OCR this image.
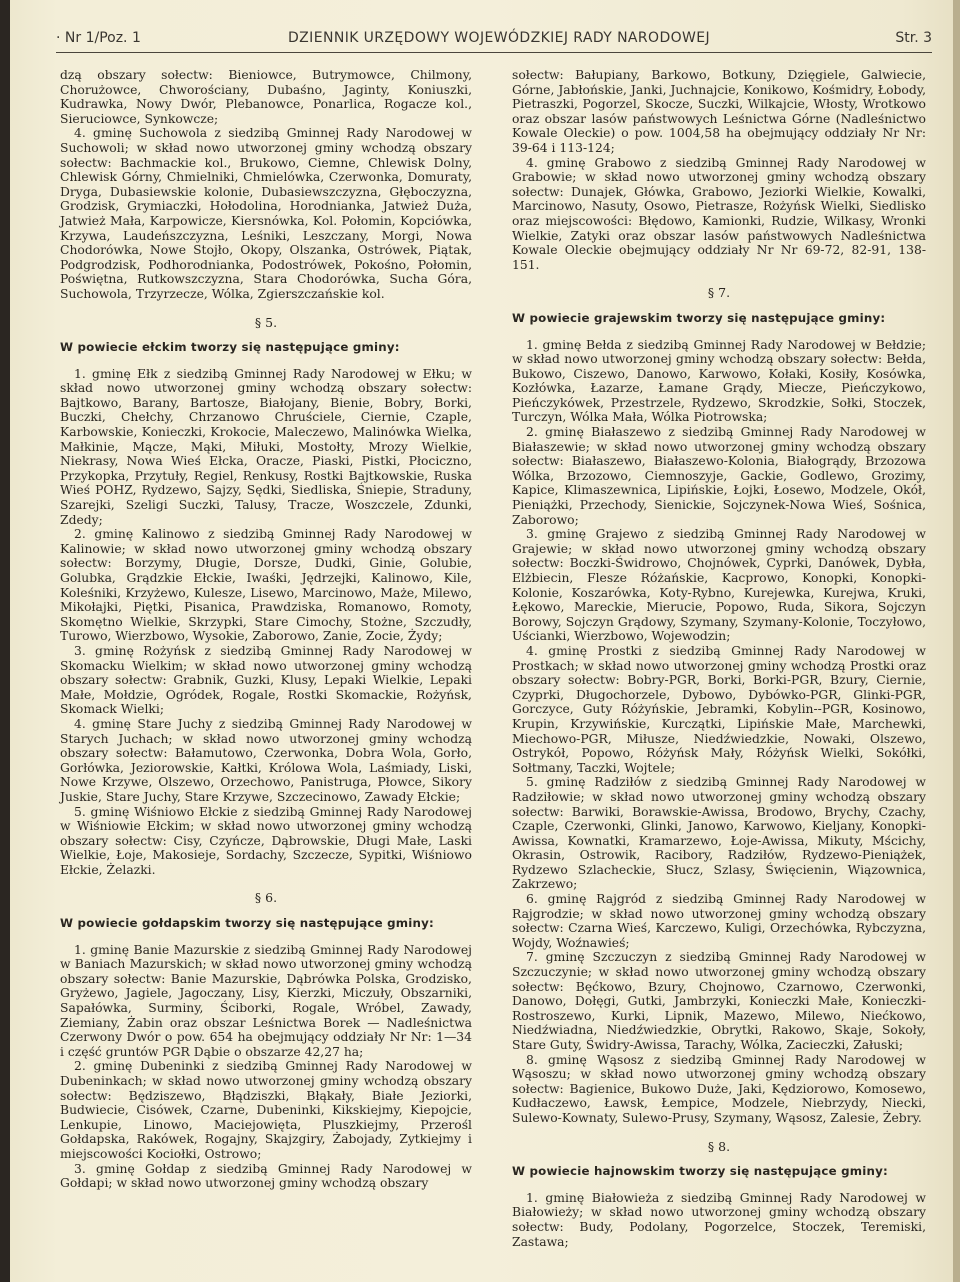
· Nr 1/Poz. 1	DZIENNIK URZĘDOWY WOJEWÓDZKIEJ RADY NARODOWEJ	Str. 3

dzą obszary sołectw: Bieniowce, Butrymowce, Chilmony, Chorużowce, Chworościany, Dubaśno, Jaginty, Koniuszki, Kudrawka, Nowy Dwór, Plebanowce, Ponarlica, Rogacze kol., Sieruciowce, Synkowcze;

4. gminę Suchowola z siedzibą Gminnej Rady Narodowej w Suchowoli; w skład nowo utworzonej gminy wchodzą obszary sołectw: Bachmackie kol., Brukowo, Ciemne, Chlewisk Dolny, Chlewisk Górny, Chmielniki, Chmielówka, Czerwonka, Domuraty, Dryga, Dubasiewskie kolonie, Dubasiewszczyzna, Głęboczyzna, Grodzisk, Grymiaczki, Hołodolina, Horodnianka, Jatwież Duża, Jatwież Mała, Karpowicze, Kiersnówka, Kol. Połomin, Kopciówka, Krzywa, Laudeńszczyzna, Leśniki, Leszczany, Morgi, Nowa Chodorówka, Nowe Stojło, Okopy, Olszanka, Ostrówek, Piątak, Podgrodzisk, Podhorodnianka, Podostrówek, Pokośno, Połomin, Poświętna, Rutkowszczyzna, Stara Chodorówka, Sucha Góra, Suchowola, Trzyrzecze, Wólka, Zgierszczańskie kol.

§ 5.
W powiecie ełckim tworzy się następujące gminy:

1. gminę Ełk z siedzibą Gminnej Rady Narodowej w Ełku; w skład nowo utworzonej gminy wchodzą obszary sołectw: Bajtkowo, Barany, Bartosze, Białojany, Bienie, Bobry, Borki, Buczki, Chełchy, Chrzanowo Chruściele, Ciernie, Czaple, Karbowskie, Konieczki, Krokocie, Maleczewo, Malinówka Wielka, Małkinie, Mącze, Mąki, Miłuki, Mostołty, Mrozy Wielkie, Niekrasy, Nowa Wieś Ełcka, Oracze, Piaski, Pistki, Płociczno, Przykopka, Przytuły, Regiel, Renkusy, Rostki Bajtkowskie, Ruska Wieś POHZ, Rydzewo, Sajzy, Sędki, Siedliska, Śniepie, Straduny, Szarejki, Szeligi Suczki, Talusy, Tracze, Woszczele, Zdunki, Zdedy;

2. gminę Kalinowo z siedzibą Gminnej Rady Narodowej w Kalinowie; w skład nowo utworzonej gminy wchodzą obszary sołectw: Borzymy, Długie, Dorsze, Dudki, Ginie, Golubie, Golubka, Grądzkie Ełckie, Iwaśki, Jędrzejki, Kalinowo, Kile, Koleśniki, Krzyżewo, Kulesze, Lisewo, Marcinowo, Maże, Milewo, Mikołajki, Piętki, Pisanica, Prawdziska, Romanowo, Romoty, Skomętno Wielkie, Skrzypki, Stare Cimochy, Stożne, Szczudły, Turowo, Wierzbowo, Wysokie, Zaborowo, Zanie, Zocie, Żydy;

3. gminę Rożyńsk z siedzibą Gminnej Rady Narodowej w Skomacku Wielkim; w skład nowo utworzonej gminy wchodzą obszary sołectw: Grabnik, Guzki, Klusy, Lepaki Wielkie, Lepaki Małe, Mołdzie, Ogródek, Rogale, Rostki Skomackie, Rożyńsk, Skomack Wielki;

4. gminę Stare Juchy z siedzibą Gminnej Rady Narodowej w Starych Juchach; w skład nowo utworzonej gminy wchodzą obszary sołectw: Bałamutowo, Czerwonka, Dobra Wola, Gorło, Gorłówka, Jeziorowskie, Kałtki, Królowa Wola, Laśmiady, Liski, Nowe Krzywe, Olszewo, Orzechowo, Panistruga, Płowce, Sikory Juskie, Stare Juchy, Stare Krzywe, Szczecinowo, Zawady Ełckie;

5. gminę Wiśniowo Ełckie z siedzibą Gminnej Rady Narodowej w Wiśniowie Ełckim; w skład nowo utworzonej gminy wchodzą obszary sołectw: Cisy, Czyńcze, Dąbrowskie, Długi Małe, Laski Wielkie, Łoje, Makosieje, Sordachy, Szczecze, Sypitki, Wiśniowo Ełckie, Żelazki.

§ 6.
W powiecie gołdapskim tworzy się następujące gminy:

1. gminę Banie Mazurskie z siedzibą Gminnej Rady Narodowej w Baniach Mazurskich; w skład nowo utworzonej gminy wchodzą obszary sołectw: Banie Mazurskie, Dąbrówka Polska, Grodzisko, Gryżewo, Jagiele, Jagoczany, Lisy, Kierzki, Miczuły, Obszarniki, Sapałówka, Surminy, Ściborki, Rogale, Wróbel, Zawady, Ziemiany, Żabin oraz obszar Leśnictwa Borek — Nadleśnictwa Czerwony Dwór o pow. 654 ha obejmujący oddziały Nr Nr: 1—34 i część gruntów PGR Dąbie o obszarze 42,27 ha;

2. gminę Dubeninki z siedzibą Gminnej Rady Narodowej w Dubeninkach; w skład nowo utworzonej gminy wchodzą obszary sołectw: Będziszewo, Błądziszki, Błąkały, Białe Jeziorki, Budwiecie, Cisówek, Czarne, Dubeninki, Kikskiejmy, Kiepojcie, Lenkupie, Linowo, Maciejowięta, Pluszkiejmy, Przerośl Gołdapska, Rakówek, Rogajny, Skajzgiry, Żabojady, Zytkiejmy i miejscowości Kociołki, Ostrowo;

3. gminę Gołdap z siedzibą Gminnej Rady Narodowej w Gołdapi; w skład nowo utworzonej gminy wchodzą obszary

sołectw: Bałupiany, Barkowo, Botkuny, Dzięgiele, Galwiecie, Górne, Jabłońskie, Janki, Juchnajcie, Konikowo, Kośmidry, Łobody, Pietraszki, Pogorzel, Skocze, Suczki, Wilkajcie, Włosty, Wrotkowo oraz obszar lasów państwowych Leśnictwa Górne (Nadleśnictwo Kowale Oleckie) o pow. 1004,58 ha obejmujący oddziały Nr Nr: 39-64 i 113-124;

4. gminę Grabowo z siedzibą Gminnej Rady Narodowej w Grabowie; w skład nowo utworzonej gminy wchodzą obszary sołectw: Dunajek, Główka, Grabowo, Jeziorki Wielkie, Kowalki, Marcinowo, Nasuty, Osowo, Pietrasze, Rożyńsk Wielki, Siedlisko oraz miejscowości: Błędowo, Kamionki, Rudzie, Wilkasy, Wronki Wielkie, Zatyki oraz obszar lasów państwowych Nadleśnictwa Kowale Oleckie obejmujący oddziały Nr Nr 69-72, 82-91, 138-151.

§ 7.
W powiecie grajewskim tworzy się następujące gminy:

1. gminę Bełda z siedzibą Gminnej Rady Narodowej w Bełdzie; w skład nowo utworzonej gminy wchodzą obszary sołectw: Bełda, Bukowo, Ciszewo, Danowo, Karwowo, Kołaki, Kosiły, Kosówka, Kozłówka, Łazarze, Łamane Grądy, Miecze, Pieńczykowo, Pieńczykówek, Przestrzele, Rydzewo, Skrodzkie, Sołki, Stoczek, Turczyn, Wólka Mała, Wólka Piotrowska;

2. gminę Białaszewo z siedzibą Gminnej Rady Narodowej w Białaszewie; w skład nowo utworzonej gminy wchodzą obszary sołectw: Białaszewo, Białaszewo-Kolonia, Białogrądy, Brzozowa Wólka, Brzozowo, Ciemnoszyje, Gackie, Godlewo, Grozimy, Kapice, Klimaszewnica, Lipińskie, Łojki, Łosewo, Modzele, Okół, Pieniążki, Przechody, Sienickie, Sojczynek-Nowa Wieś, Sośnica, Zaborowo;

3. gminę Grajewo z siedzibą Gminnej Rady Narodowej w Grajewie; w skład nowo utworzonej gminy wchodzą obszary sołectw: Boczki-Świdrowo, Chojnówek, Cyprki, Danówek, Dybła, Elżbiecin, Flesze Różańskie, Kacprowo, Konopki, Konopki-Kolonie, Koszarówka, Koty-Rybno, Kurejewka, Kurejwa, Kruki, Łękowo, Mareckie, Mierucie, Popowo, Ruda, Sikora, Sojczyn Borowy, Sojczyn Grądowy, Szymany, Szymany-Kolonie, Toczyłowo, Uścianki, Wierzbowo, Wojewodzin;

4. gminę Prostki z siedzibą Gminnej Rady Narodowej w Prostkach; w skład nowo utworzonej gminy wchodzą Prostki oraz obszary sołectw: Bobry-PGR, Borki, Borki-PGR, Bzury, Ciernie, Czyprki, Długochorzele, Dybowo, Dybówko-PGR, Glinki-PGR, Gorczyce, Guty Różyńskie, Jebramki, Kobylin--PGR, Kosinowo, Krupin, Krzywińskie, Kurczątki, Lipińskie Małe, Marchewki, Miechowo-PGR, Miłusze, Niedźwiedzkie, Nowaki, Olszewo, Ostrykół, Popowo, Różyńsk Mały, Różyńsk Wielki, Sokółki, Sołtmany, Taczki, Wojtele;

5. gminę Radziłów z siedzibą Gminnej Rady Narodowej w Radziłowie; w skład nowo utworzonej gminy wchodzą obszary sołectw: Barwiki, Borawskie-Awissa, Brodowo, Brychy, Czachy, Czaple, Czerwonki, Glinki, Janowo, Karwowo, Kieljany, Konopki-Awissa, Kownatki, Kramarzewo, Łoje-Awissa, Mikuty, Mścichy, Okrasin, Ostrowik, Racibory, Radziłów, Rydzewo-Pieniążek, Rydzewo Szlacheckie, Słucz, Szlasy, Święcienin, Wiązownica, Zakrzewo;

6. gminę Rajgród z siedzibą Gminnej Rady Narodowej w Rajgrodzie; w skład nowo utworzonej gminy wchodzą obszary sołectw: Czarna Wieś, Karczewo, Kuligi, Orzechówka, Rybczyzna, Wojdy, Woźnawieś;

7. gminę Szczuczyn z siedzibą Gminnej Rady Narodowej w Szczuczynie; w skład nowo utworzonej gminy wchodzą obszary sołectw: Bęćkowo, Bzury, Chojnowo, Czarnowo, Czerwonki, Danowo, Dołęgi, Gutki, Jambrzyki, Konieczki Małe, Konieczki-Rostroszewo, Kurki, Lipnik, Mazewo, Milewo, Niećkowo, Niedźwiadna, Niedźwiedzkie, Obrytki, Rakowo, Skaje, Sokoły, Stare Guty, Świdry-Awissa, Tarachy, Wólka, Zacieczki, Załuski;

8. gminę Wąsosz z siedzibą Gminnej Rady Narodowej w Wąsoszu; w skład nowo utworzonej gminy wchodzą obszary sołectw: Bagienice, Bukowo Duże, Jaki, Kędziorowo, Komosewo, Kudłaczewo, Ławsk, Łempice, Modzele, Niebrzydy, Niecki, Sulewo-Kownaty, Sulewo-Prusy, Szymany, Wąsosz, Zalesie, Żebry.

§ 8.
W powiecie hajnowskim tworzy się następujące gminy:

1. gminę Białowieża z siedzibą Gminnej Rady Narodowej w Białowieży; w skład nowo utworzonej gminy wchodzą obszary sołectw: Budy, Podolany, Pogorzelce, Stoczek, Teremiski, Zastawa;
